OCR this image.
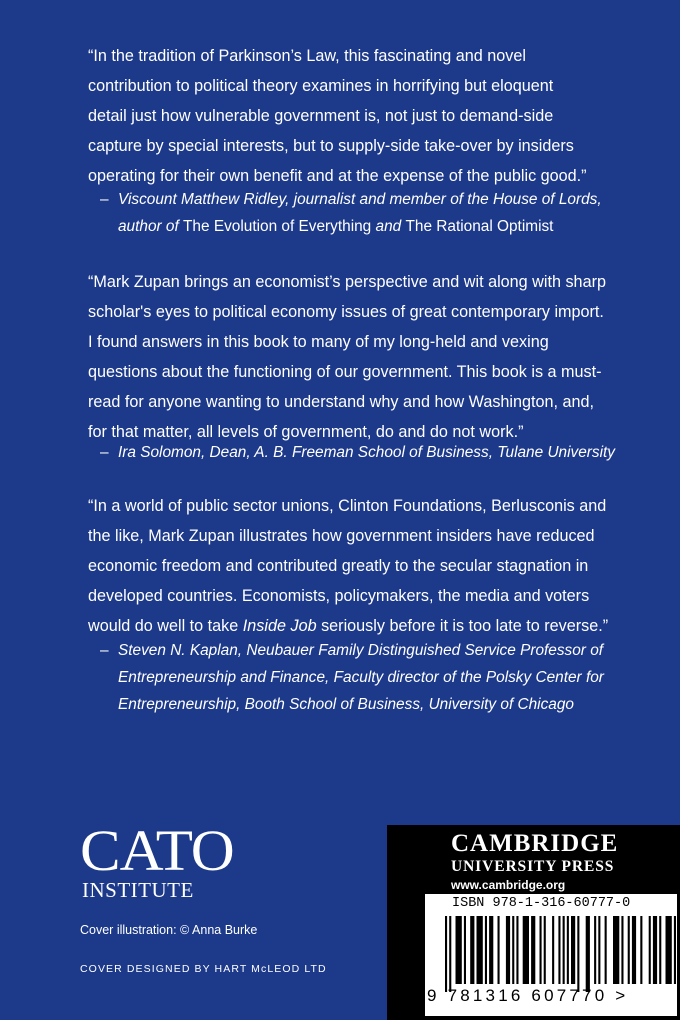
“In the tradition of Parkinson’s Law, this fascinating and novel
contribution to political theory examines in horrifying but eloquent
detail just how vulnerable government is, not just to demand-side
capture by special interests, but to supply-side take-over by insiders
operating for their own benefit and at the expense of the public good.”
– Viscount Matthew Ridley, journalist and member of the House of Lords,
author of The Evolution of Everything and The Rational Optimist
“Mark Zupan brings an economist’s perspective and wit along with sharp
scholar's eyes to political economy issues of great contemporary import.
I found answers in this book to many of my long-held and vexing
questions about the functioning of our government. This book is a must-
read for anyone wanting to understand why and how Washington, and,
for that matter, all levels of government, do and do not work.”
– Ira Solomon, Dean, A. B. Freeman School of Business, Tulane University
“In a world of public sector unions, Clinton Foundations, Berlusconis and
the like, Mark Zupan illustrates how government insiders have reduced
economic freedom and contributed greatly to the secular stagnation in
developed countries. Economists, policymakers, the media and voters
would do well to take Inside Job seriously before it is too late to reverse.”
– Steven N. Kaplan, Neubauer Family Distinguished Service Professor of
Entrepreneurship and Finance, Faculty director of the Polsky Center for
Entrepreneurship, Booth School of Business, University of Chicago
CATO
INSTITUTE
Cover illustration: © Anna Burke
COVER DESIGNED BY HART McLEOD LTD
CAMBRIDGE
UNIVERSITY PRESS
www.cambridge.org
ISBN 978-1-316-60777-0
9 781316 607770 >
